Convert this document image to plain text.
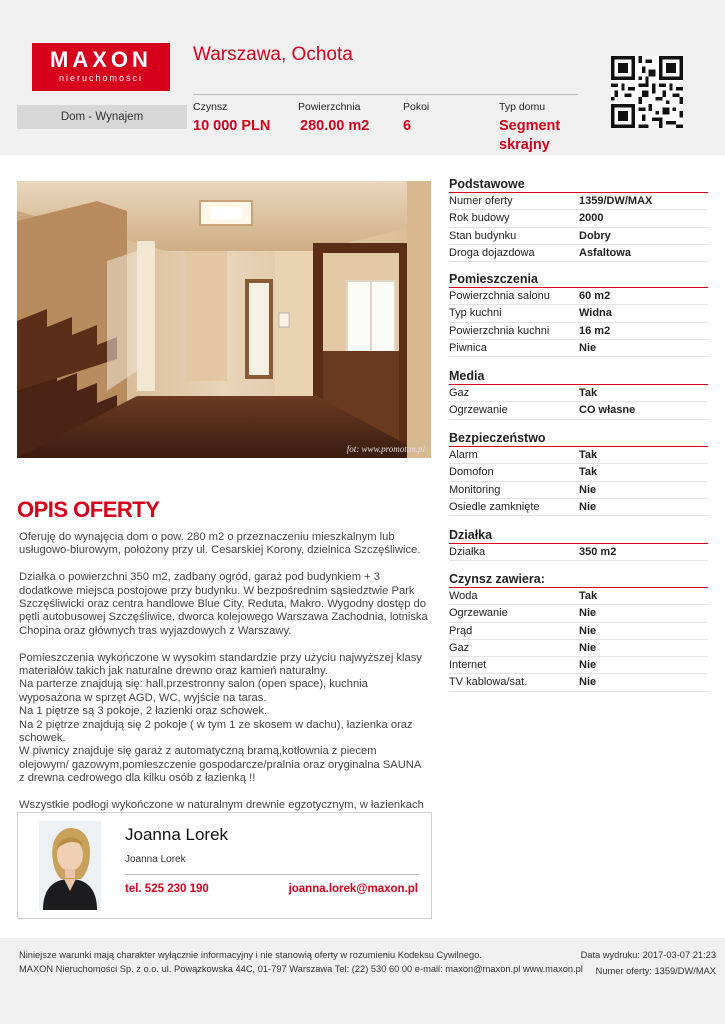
MAXON
nieruchomości
Warszawa, Ochota
Dom - Wynajem
Czynsz
10 000 PLN
Powierzchnia
280.00 m2
Pokoi
6
Typ domu
Segment skrajny
fot: www.promoton.pl
Podstawowe
Numer oferty	1359/DW/MAX
Rok budowy	2000
Stan budynku	Dobry
Droga dojazdowa	Asfaltowa
Pomieszczenia
Powierzchnia salonu	60 m2
Typ kuchni	Widna
Powierzchnia kuchni	16 m2
Piwnica	Nie
Media
Gaz	Tak
Ogrzewanie	CO własne
Bezpieczeństwo
Alarm	Tak
Domofon	Tak
Monitoring	Nie
Osiedle zamknięte	Nie
Działka
Działka	350 m2
Czynsz zawiera:
Woda	Tak
Ogrzewanie	Nie
Prąd	Nie
Gaz	Nie
Internet	Nie
TV kablowa/sat.	Nie
OPIS OFERTY

Oferuję do wynajęcia dom o pow. 280 m2 o przeznaczeniu mieszkalnym lub usługowo-biurowym, położony przy ul. Cesarskiej Korony, dzielnica Szczęśliwice.

Działka o powierzchni 350 m2, zadbany ogród, garaż pod budynkiem + 3 dodatkowe miejsca postojowe przy budynku. W bezpośrednim sąsiedztwie Park Szczęśliwicki oraz centra handlowe Blue City, Reduta, Makro. Wygodny dostęp do pętli autobusowej Szczęśliwice, dworca kolejowego Warszawa Zachodnia, lotniska Chopina oraz głównych tras wyjazdowych z Warszawy.

Pomieszczenia wykończone w wysokim standardzie przy użyciu najwyższej klasy materiałów takich jak naturalne drewno oraz kamień naturalny.

Na parterze znajdują się: hall,przestronny salon (open space), kuchnia wyposażona w sprzęt AGD, WC, wyjście na taras.

Na 1 piętrze są 3 pokoje, 2 łazienki oraz schowek.

Na 2 piętrze znajdują się 2 pokoje ( w tym 1 ze skosem w dachu), łazienka oraz schowek.

W piwnicy znajduje się garaż z automatyczną bramą,kotłownia z piecem olejowym/ gazowym,pomieszczenie gospodarcze/pralnia oraz oryginalna SAUNA z drewna cedrowego dla kilku osób z łazienką !!

Wszystkie podłogi wykończone w naturalnym drewnie egzotycznym, w łazienkach

Joanna Lorek
Joanna Lorek
tel. 525 230 190	joanna.lorek@maxon.pl
Niniejsze warunki mają charakter wyłącznie informacyjny i nie stanowią oferty w rozumieniu Kodeksu Cywilnego.
MAXON Nieruchomości Sp. z o.o. ul. Powązkowska 44C, 01-797 Warszawa Tel: (22) 530 60 00 e-mail: maxon@maxon.pl www.maxon.pl
Data wydruku: 2017-03-07 21:23
Numer oferty: 1359/DW/MAX
